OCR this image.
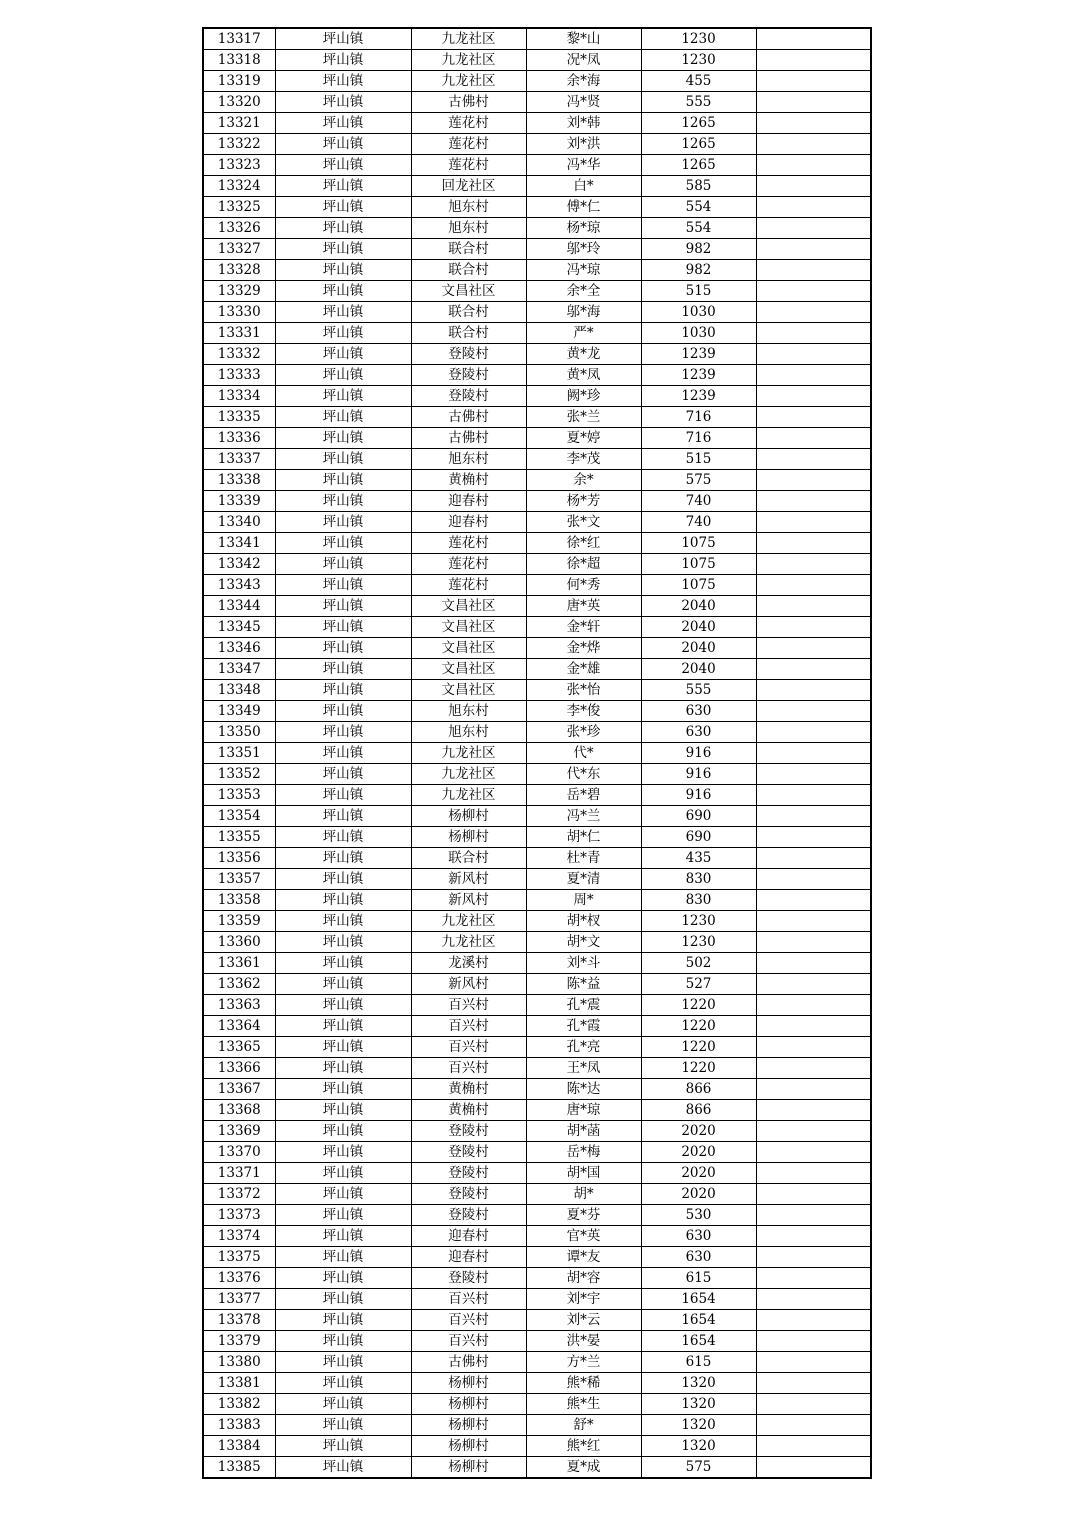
13317	坪山镇	九龙社区	黎*山	1230	
13318	坪山镇	九龙社区	况*凤	1230	
13319	坪山镇	九龙社区	余*海	455	
13320	坪山镇	古佛村	冯*贤	555	
13321	坪山镇	莲花村	刘*韩	1265	
13322	坪山镇	莲花村	刘*洪	1265	
13323	坪山镇	莲花村	冯*华	1265	
13324	坪山镇	回龙社区	白*	585	
13325	坪山镇	旭东村	傅*仁	554	
13326	坪山镇	旭东村	杨*琼	554	
13327	坪山镇	联合村	邬*玲	982	
13328	坪山镇	联合村	冯*琼	982	
13329	坪山镇	文昌社区	余*全	515	
13330	坪山镇	联合村	邬*海	1030	
13331	坪山镇	联合村	严*	1030	
13332	坪山镇	登陵村	黄*龙	1239	
13333	坪山镇	登陵村	黄*凤	1239	
13334	坪山镇	登陵村	阙*珍	1239	
13335	坪山镇	古佛村	张*兰	716	
13336	坪山镇	古佛村	夏*婷	716	
13337	坪山镇	旭东村	李*茂	515	
13338	坪山镇	黄桷村	余*	575	
13339	坪山镇	迎春村	杨*芳	740	
13340	坪山镇	迎春村	张*文	740	
13341	坪山镇	莲花村	徐*红	1075	
13342	坪山镇	莲花村	徐*超	1075	
13343	坪山镇	莲花村	何*秀	1075	
13344	坪山镇	文昌社区	唐*英	2040	
13345	坪山镇	文昌社区	金*轩	2040	
13346	坪山镇	文昌社区	金*烨	2040	
13347	坪山镇	文昌社区	金*雄	2040	
13348	坪山镇	文昌社区	张*怡	555	
13349	坪山镇	旭东村	李*俊	630	
13350	坪山镇	旭东村	张*珍	630	
13351	坪山镇	九龙社区	代*	916	
13352	坪山镇	九龙社区	代*东	916	
13353	坪山镇	九龙社区	岳*碧	916	
13354	坪山镇	杨柳村	冯*兰	690	
13355	坪山镇	杨柳村	胡*仁	690	
13356	坪山镇	联合村	杜*青	435	
13357	坪山镇	新风村	夏*清	830	
13358	坪山镇	新风村	周*	830	
13359	坪山镇	九龙社区	胡*杈	1230	
13360	坪山镇	九龙社区	胡*文	1230	
13361	坪山镇	龙溪村	刘*斗	502	
13362	坪山镇	新风村	陈*益	527	
13363	坪山镇	百兴村	孔*震	1220	
13364	坪山镇	百兴村	孔*霞	1220	
13365	坪山镇	百兴村	孔*亮	1220	
13366	坪山镇	百兴村	王*凤	1220	
13367	坪山镇	黄桷村	陈*达	866	
13368	坪山镇	黄桷村	唐*琼	866	
13369	坪山镇	登陵村	胡*菡	2020	
13370	坪山镇	登陵村	岳*梅	2020	
13371	坪山镇	登陵村	胡*国	2020	
13372	坪山镇	登陵村	胡*	2020	
13373	坪山镇	登陵村	夏*芬	530	
13374	坪山镇	迎春村	官*英	630	
13375	坪山镇	迎春村	谭*友	630	
13376	坪山镇	登陵村	胡*容	615	
13377	坪山镇	百兴村	刘*宇	1654	
13378	坪山镇	百兴村	刘*云	1654	
13379	坪山镇	百兴村	洪*晏	1654	
13380	坪山镇	古佛村	方*兰	615	
13381	坪山镇	杨柳村	熊*稀	1320	
13382	坪山镇	杨柳村	熊*生	1320	
13383	坪山镇	杨柳村	舒*	1320	
13384	坪山镇	杨柳村	熊*红	1320	
13385	坪山镇	杨柳村	夏*成	575	
